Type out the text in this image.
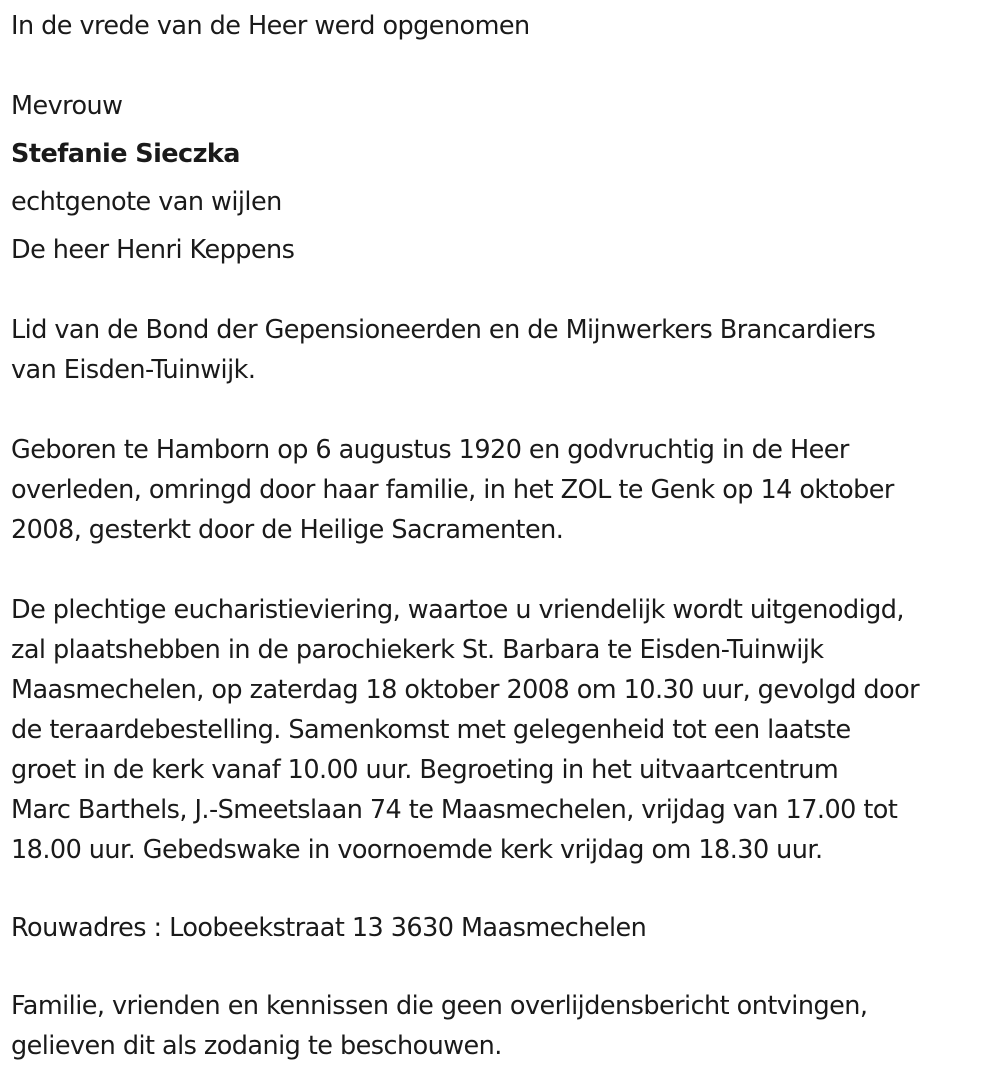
In de vrede van de Heer werd opgenomen

Mevrouw

Stefanie Sieczka

echtgenote van wijlen

De heer Henri Keppens

Lid van de Bond der Gepensioneerden en de Mijnwerkers Brancardiers
van Eisden-Tuinwijk.

Geboren te Hamborn op 6 augustus 1920 en godvruchtig in de Heer
overleden, omringd door haar familie, in het ZOL te Genk op 14 oktober
2008, gesterkt door de Heilige Sacramenten.

De plechtige eucharistieviering, waartoe u vriendelijk wordt uitgenodigd,
zal plaatshebben in de parochiekerk St. Barbara te Eisden-Tuinwijk
Maasmechelen, op zaterdag 18 oktober 2008 om 10.30 uur, gevolgd door
de teraardebestelling. Samenkomst met gelegenheid tot een laatste
groet in de kerk vanaf 10.00 uur. Begroeting in het uitvaartcentrum
Marc Barthels, J.-Smeetslaan 74 te Maasmechelen, vrijdag van 17.00 tot
18.00 uur. Gebedswake in voornoemde kerk vrijdag om 18.30 uur.

Rouwadres : Loobeekstraat 13 3630 Maasmechelen

Familie, vrienden en kennissen die geen overlijdensbericht ontvingen,
gelieven dit als zodanig te beschouwen.
